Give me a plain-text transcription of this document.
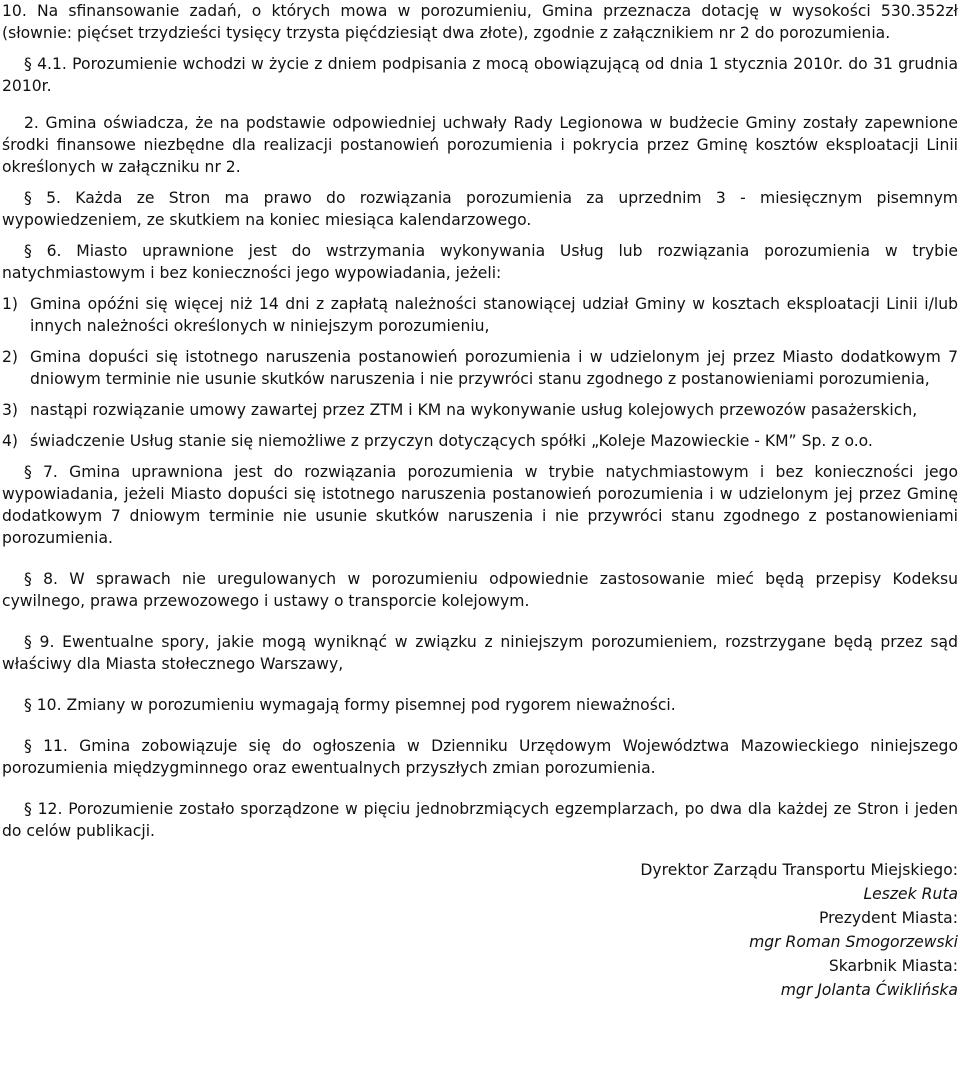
10. Na sfinansowanie zadań, o których mowa w porozumieniu, Gmina przeznacza dotację w wysokości 530.352zł (słownie: pięćset trzydzieści tysięcy trzysta pięćdziesiąt dwa złote), zgodnie z załącznikiem nr 2 do porozumienia.

§ 4.1. Porozumienie wchodzi w życie z dniem podpisania z mocą obowiązującą od dnia 1 stycznia 2010r. do 31 grudnia 2010r.

2. Gmina oświadcza, że na podstawie odpowiedniej uchwały Rady Legionowa w budżecie Gminy zostały zapewnione środki finansowe niezbędne dla realizacji postanowień porozumienia i pokrycia przez Gminę kosztów eksploatacji Linii określonych w załączniku nr 2.

§ 5. Każda ze Stron ma prawo do rozwiązania porozumienia za uprzednim 3 - miesięcznym pisemnym wypowiedzeniem, ze skutkiem na koniec miesiąca kalendarzowego.

§ 6. Miasto uprawnione jest do wstrzymania wykonywania Usług lub rozwiązania porozumienia w trybie natychmiastowym i bez konieczności jego wypowiadania, jeżeli:

1) Gmina opóźni się więcej niż 14 dni z zapłatą należności stanowiącej udział Gminy w kosztach eksploatacji Linii i/lub innych należności określonych w niniejszym porozumieniu,
2) Gmina dopuści się istotnego naruszenia postanowień porozumienia i w udzielonym jej przez Miasto dodatkowym 7 dniowym terminie nie usunie skutków naruszenia i nie przywróci stanu zgodnego z postanowieniami porozumienia,
3) nastąpi rozwiązanie umowy zawartej przez ZTM i KM na wykonywanie usług kolejowych przewozów pasażerskich,
4) świadczenie Usług stanie się niemożliwe z przyczyn dotyczących spółki „Koleje Mazowieckie - KM” Sp. z o.o.

§ 7. Gmina uprawniona jest do rozwiązania porozumienia w trybie natychmiastowym i bez konieczności jego wypowiadania, jeżeli Miasto dopuści się istotnego naruszenia postanowień porozumienia i w udzielonym jej przez Gminę dodatkowym 7 dniowym terminie nie usunie skutków naruszenia i nie przywróci stanu zgodnego z postanowieniami porozumienia.

§ 8. W sprawach nie uregulowanych w porozumieniu odpowiednie zastosowanie mieć będą przepisy Kodeksu cywilnego, prawa przewozowego i ustawy o transporcie kolejowym.

§ 9. Ewentualne spory, jakie mogą wyniknąć w związku z niniejszym porozumieniem, rozstrzygane będą przez sąd właściwy dla Miasta stołecznego Warszawy,

§ 10. Zmiany w porozumieniu wymagają formy pisemnej pod rygorem nieważności.

§ 11. Gmina zobowiązuje się do ogłoszenia w Dzienniku Urzędowym Województwa Mazowieckiego niniejszego porozumienia międzygminnego oraz ewentualnych przyszłych zmian porozumienia.

§ 12. Porozumienie zostało sporządzone w pięciu jednobrzmiących egzemplarzach, po dwa dla każdej ze Stron i jeden do celów publikacji.

Dyrektor Zarządu Transportu Miejskiego:
Leszek Ruta
Prezydent Miasta:
mgr Roman Smogorzewski
Skarbnik Miasta:
mgr Jolanta Ćwiklińska
